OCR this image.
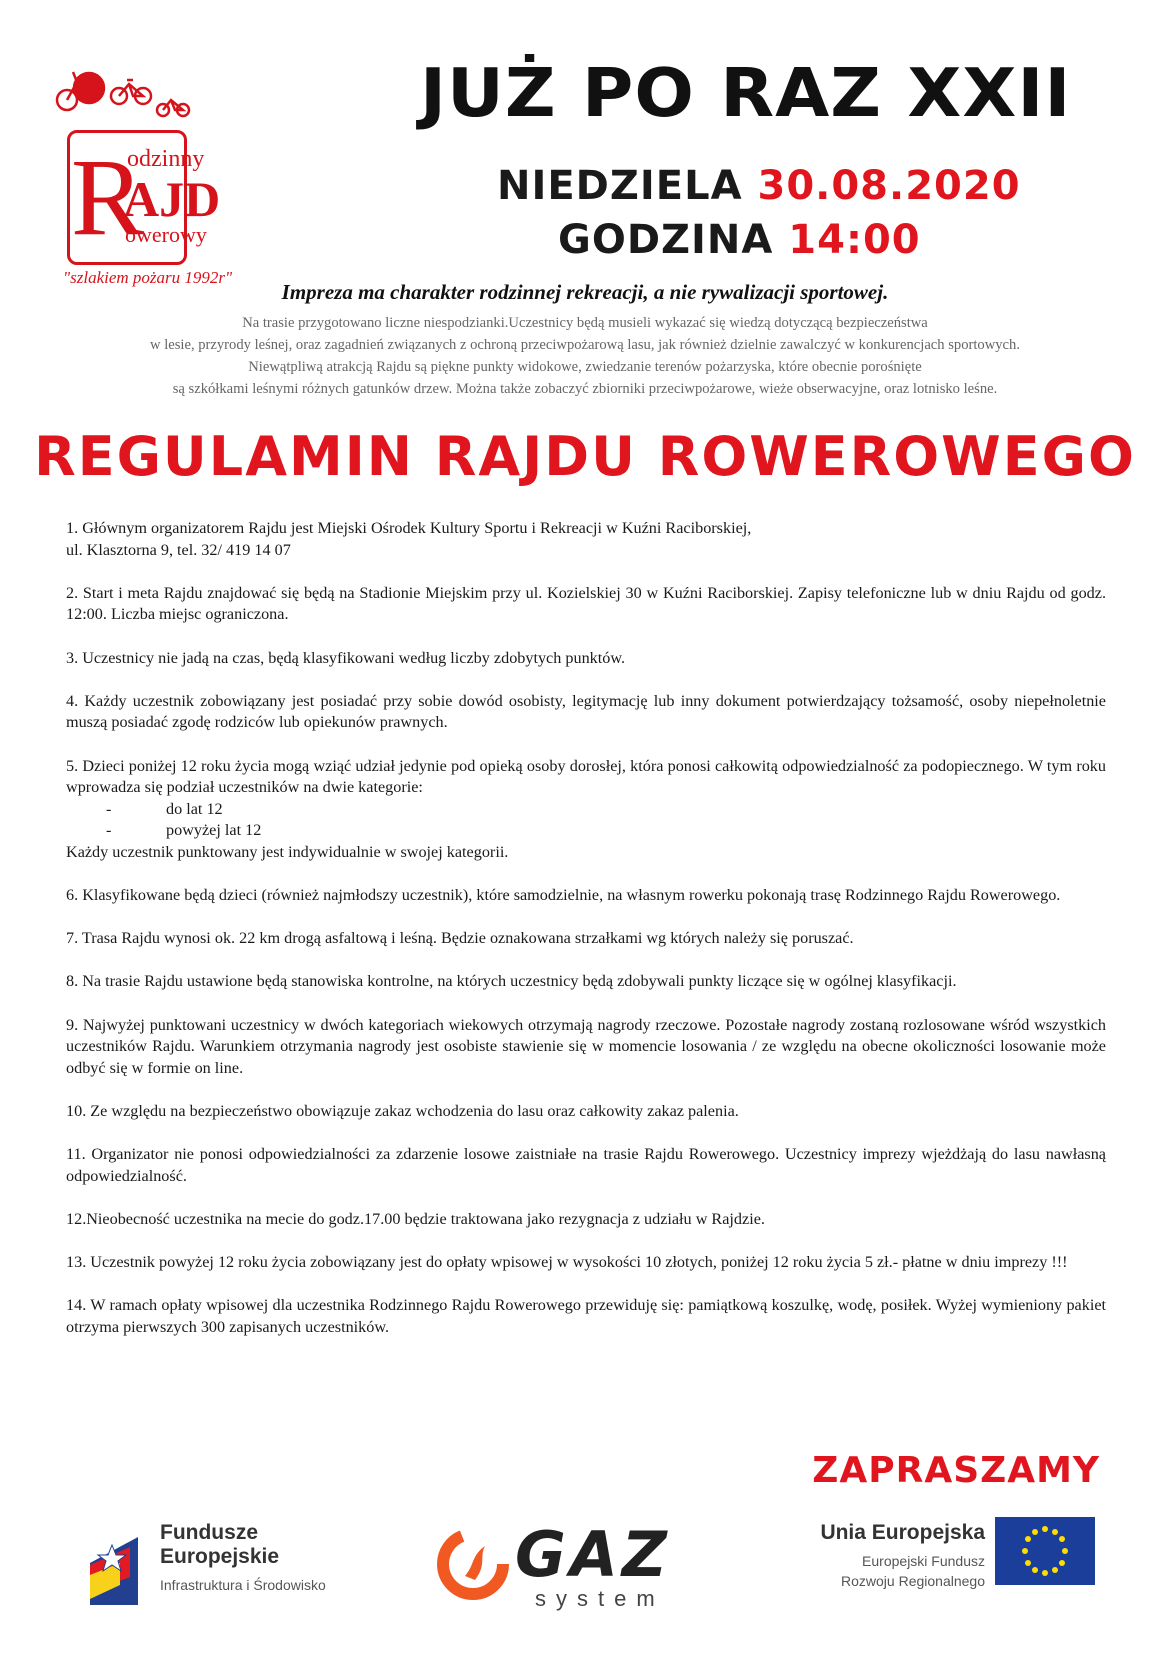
R
odzinny
AJD
owerowy
"szlakiem pożaru 1992r"
JUŻ PO RAZ XXII
NIEDZIELA 30.08.2020
GODZINA 14:00
Impreza ma charakter rodzinnej rekreacji, a nie rywalizacji sportowej.
Na trasie przygotowano liczne niespodzianki.Uczestnicy będą musieli wykazać się wiedzą dotyczącą bezpieczeństwa
w lesie, przyrody leśnej, oraz zagadnień związanych z ochroną przeciwpożarową lasu, jak również dzielnie zawalczyć w konkurencjach sportowych.
Niewątpliwą atrakcją Rajdu są piękne punkty widokowe, zwiedzanie terenów pożarzyska, które obecnie porośnięte
są szkółkami leśnymi różnych gatunków drzew. Można także zobaczyć zbiorniki przeciwpożarowe, wieże obserwacyjne, oraz lotnisko leśne.
REGULAMIN RAJDU ROWEROWEGO
1. Głównym organizatorem Rajdu jest Miejski Ośrodek Kultury Sportu i Rekreacji w Kuźni Raciborskiej,
ul. Klasztorna 9, tel. 32/ 419 14 07
2. Start i meta Rajdu znajdować się będą na Stadionie Miejskim przy ul. Kozielskiej 30 w Kuźni Raciborskiej. Zapisy telefoniczne lub w dniu Rajdu od godz. 12:00. Liczba miejsc ograniczona.
3. Uczestnicy nie jadą na czas, będą klasyfikowani według liczby zdobytych punktów.
4. Każdy uczestnik zobowiązany jest posiadać przy sobie dowód osobisty, legitymację lub inny dokument potwierdzający tożsamość, osoby niepełnoletnie muszą posiadać zgodę rodziców lub opiekunów prawnych.
5. Dzieci poniżej 12 roku życia mogą wziąć udział jedynie pod opieką osoby dorosłej, która ponosi całkowitą odpowiedzialność za podopiecznego. W tym roku wprowadza się podział uczestników na dwie kategorie:
-	do lat 12
-	powyżej lat 12
Każdy uczestnik punktowany jest indywidualnie w swojej kategorii.
6. Klasyfikowane będą dzieci (również najmłodszy uczestnik), które samodzielnie, na własnym rowerku pokonają trasę Rodzinnego Rajdu Rowerowego.
7. Trasa Rajdu wynosi ok. 22 km drogą asfaltową i leśną. Będzie oznakowana strzałkami wg których należy się poruszać.
8. Na trasie Rajdu ustawione będą stanowiska kontrolne, na których uczestnicy będą zdobywali punkty liczące się w ogólnej klasyfikacji.
9. Najwyżej punktowani uczestnicy w dwóch kategoriach wiekowych otrzymają nagrody rzeczowe. Pozostałe nagrody zostaną rozlosowane wśród wszystkich uczestników Rajdu. Warunkiem otrzymania nagrody jest osobiste stawienie się w momencie losowania / ze względu na obecne okoliczności losowanie może odbyć się w formie on line.
10. Ze względu na bezpieczeństwo obowiązuje zakaz wchodzenia do lasu oraz całkowity zakaz palenia.
11. Organizator nie ponosi odpowiedzialności za zdarzenie losowe zaistniałe na trasie Rajdu Rowerowego. Uczestnicy imprezy wjeżdżają do lasu nawłasną odpowiedzialność.
12.Nieobecność uczestnika na mecie do godz.17.00 będzie traktowana jako rezygnacja z udziału w Rajdzie.
13. Uczestnik powyżej 12 roku życia zobowiązany jest do opłaty wpisowej w wysokości 10 złotych, poniżej 12 roku życia 5 zł.- płatne w dniu imprezy !!!
14. W ramach opłaty wpisowej dla uczestnika Rodzinnego Rajdu Rowerowego przewiduję się: pamiątkową koszulkę, wodę, posiłek. Wyżej wymieniony pakiet otrzyma pierwszych 300 zapisanych uczestników.
ZAPRASZAMY
Fundusze
Europejskie
Infrastruktura i Środowisko	GAZ
system
Unia Europejska
Europejski Fundusz
Rozwoju Regionalnego
